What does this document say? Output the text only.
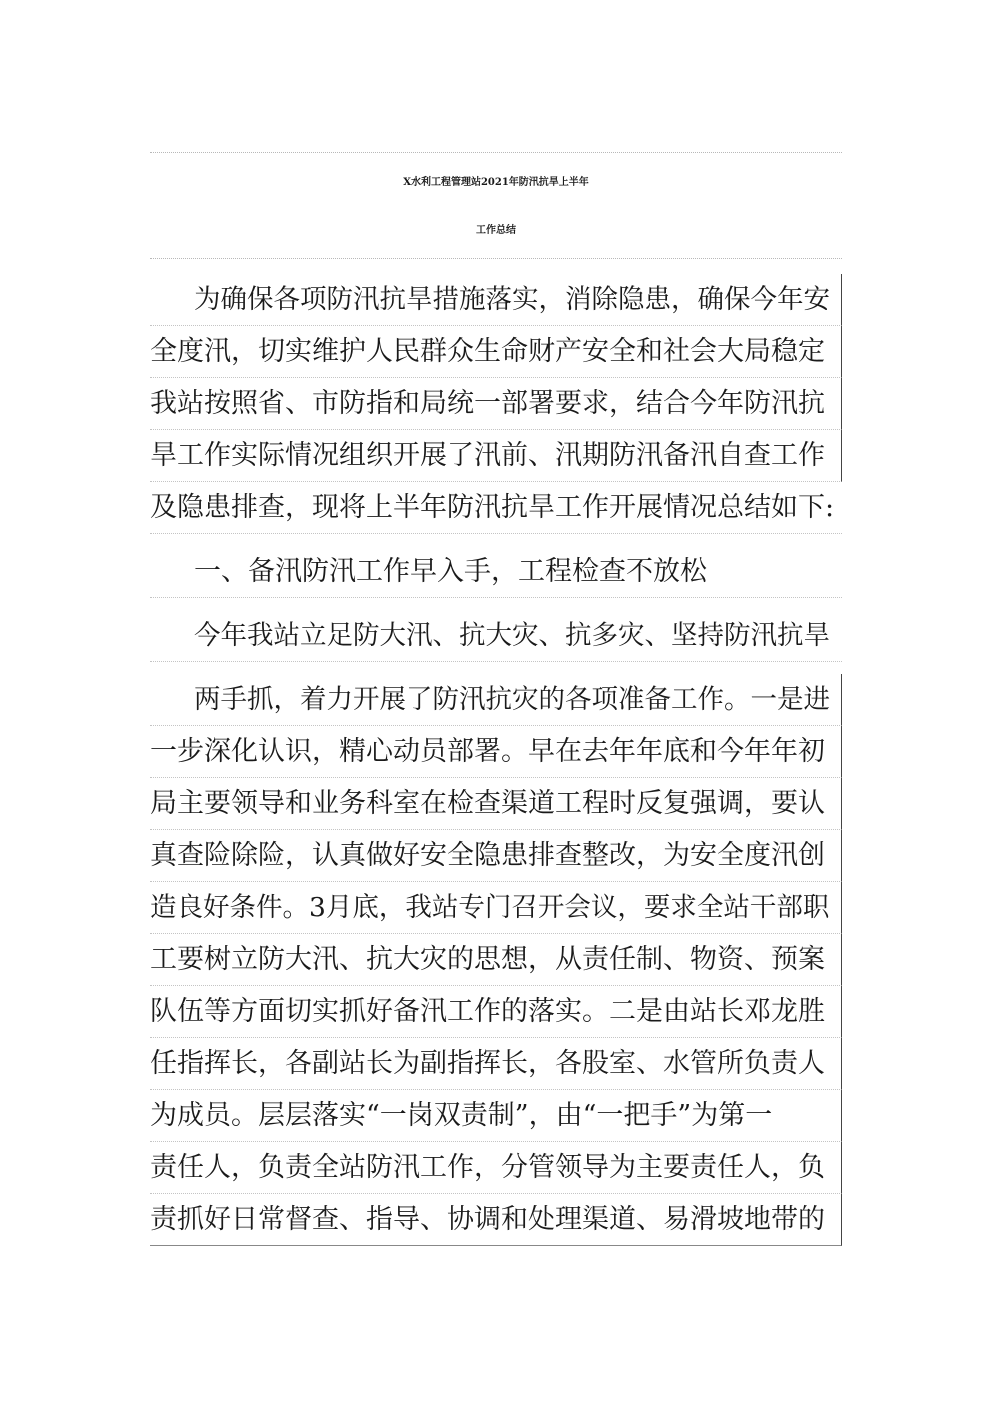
X水利工程管理站2021年防汛抗旱上半年
工作总结
为确保各项防汛抗旱措施落实，消除隐患，确保今年安
全度汛，切实维护人民群众生命财产安全和社会大局稳定
我站按照省、市防指和局统一部署要求，结合今年防汛抗
旱工作实际情况组织开展了汛前、汛期防汛备汛自查工作
及隐患排查，现将上半年防汛抗旱工作开展情况总结如下:
一、备汛防汛工作早入手，工程检查不放松
今年我站立足防大汛、抗大灾、抗多灾、坚持防汛抗旱
两手抓，着力开展了防汛抗灾的各项准备工作。一是进
一步深化认识，精心动员部署。早在去年年底和今年年初
局主要领导和业务科室在检查渠道工程时反复强调，要认
真查险除险，认真做好安全隐患排查整改，为安全度汛创
造良好条件。3月底，我站专门召开会议，要求全站干部职
工要树立防大汛、抗大灾的思想，从责任制、物资、预案
队伍等方面切实抓好备汛工作的落实。二是由站长邓龙胜
任指挥长，各副站长为副指挥长，各股室、水管所负责人
为成员。层层落实“一岗双责制”，由“一把手”为第一
责任人，负责全站防汛工作，分管领导为主要责任人，负
责抓好日常督查、指导、协调和处理渠道、易滑坡地带的
